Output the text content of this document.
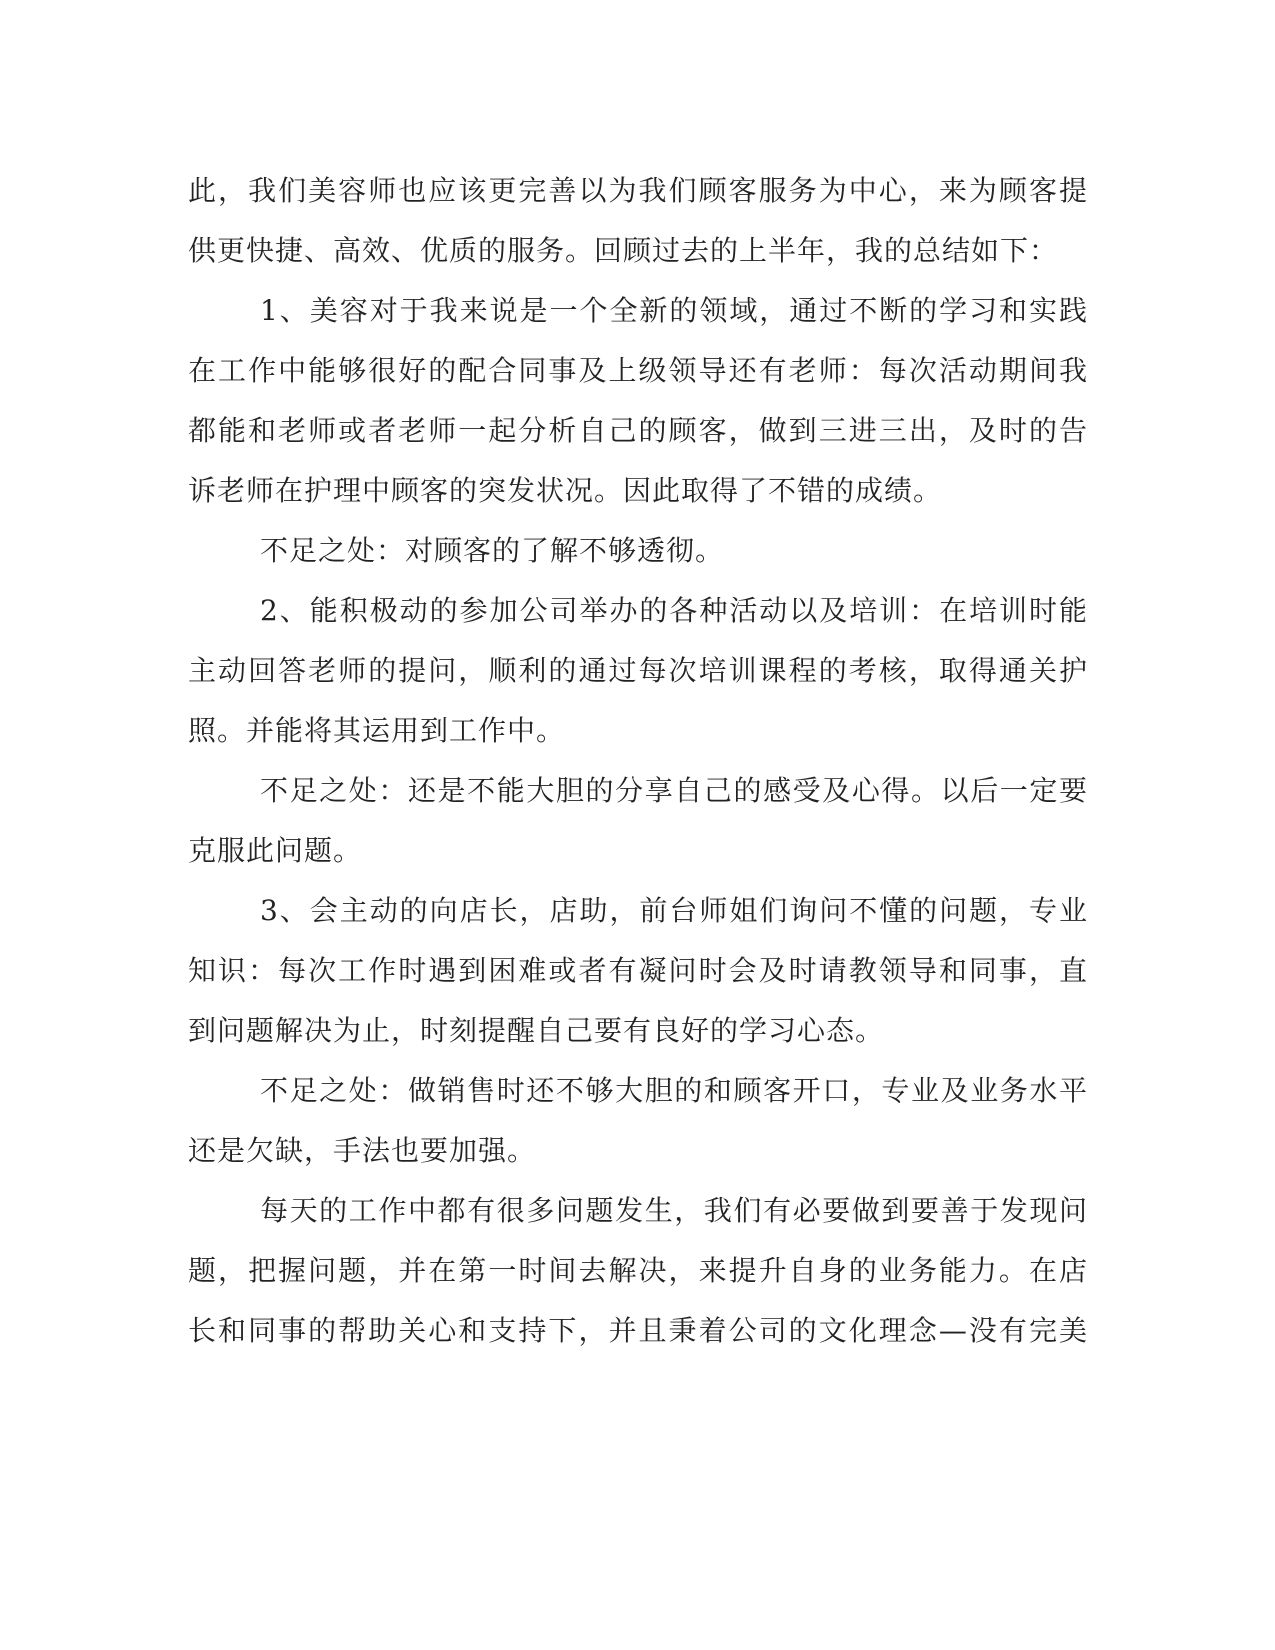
此，我们美容师也应该更完善以为我们顾客服务为中心，来为顾客提
供更快捷、高效、优质的服务。回顾过去的上半年，我的总结如下：
1、美容对于我来说是一个全新的领域，通过不断的学习和实践
在工作中能够很好的配合同事及上级领导还有老师：每次活动期间我
都能和老师或者老师一起分析自己的顾客，做到三进三出，及时的告
诉老师在护理中顾客的突发状况。因此取得了不错的成绩。
不足之处：对顾客的了解不够透彻。
2、能积极动的参加公司举办的各种活动以及培训：在培训时能
主动回答老师的提问，顺利的通过每次培训课程的考核，取得通关护
照。并能将其运用到工作中。
不足之处：还是不能大胆的分享自己的感受及心得。以后一定要
克服此问题。
3、会主动的向店长，店助，前台师姐们询问不懂的问题，专业
知识：每次工作时遇到困难或者有凝问时会及时请教领导和同事，直
到问题解决为止，时刻提醒自己要有良好的学习心态。
不足之处：做销售时还不够大胆的和顾客开口，专业及业务水平
还是欠缺，手法也要加强。
每天的工作中都有很多问题发生，我们有必要做到要善于发现问
题，把握问题，并在第一时间去解决，来提升自身的业务能力。在店
长和同事的帮助关心和支持下，并且秉着公司的文化理念—没有完美
